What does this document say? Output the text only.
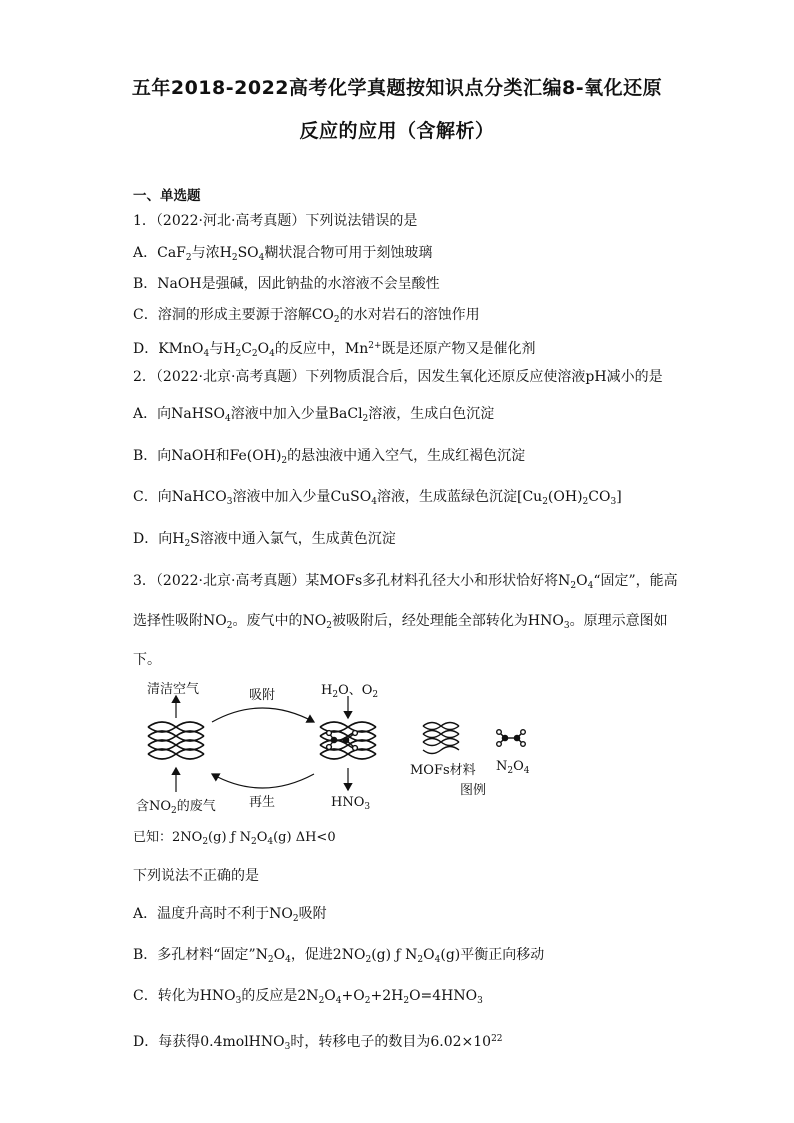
五年2018-2022高考化学真题按知识点分类汇编8-氧化还原
反应的应用（含解析）
一、单选题
1．（2022·河北·高考真题）下列说法错误的是
A．CaF$_2$与浓$H_2SO_4$糊状混合物可用于刻蚀玻璃
B．NaOH是强碱，因此钠盐的水溶液不会呈酸性
C．溶洞的形成主要源于溶解$CO_2$的水对岩石的溶蚀作用
D．KMnO$_4$与$H_2C_2O_4$的反应中，$Mn^{2+}$既是还原产物又是催化剂
2．（2022·北京·高考真题）下列物质混合后，因发生氧化还原反应使溶液pH减小的是
A．向NaHSO$_4$溶液中加入少量BaCl$_2$溶液，生成白色沉淀
B．向NaOH和$Fe(OH)_2$的悬浊液中通入空气，生成红褐色沉淀
C．向NaHCO$_3$溶液中加入少量CuSO$_4$溶液，生成蓝绿色沉淀$[Cu_2(OH)_2CO_3]$
D．向$H_2S$溶液中通入氯气，生成黄色沉淀
3．（2022·北京·高考真题）某MOFs多孔材料孔径大小和形状恰好将$N_2O_4“$固定”，能高
选择性吸附$NO_2$。废气中的$NO_2$被吸附后，经处理能全部转化为$HNO_3$。原理示意图如
下。
清洁空气	吸附	$H_2O$、$O_2$
含$NO_2$的废气	再生	$HNO_3$
MOFs材料 $N_2O_4$
图例
已知：$2NO_2(g)$ ƒ $N_2O_4(g)$ ΔH<0
下列说法不正确的是
A．温度升高时不利于$NO_2$吸附
B．多孔材料“固定$”N_2O_4$，促进$2NO_2(g)$ ƒ $N_2O_4(g)$平衡正向移动
C．转化为$HNO_3$的反应是$2N_2O_4+O_2+2H_2O=4HNO_3$
D．每获得0.4molHNO$_3$时，转移电子的数目为$6.02\times 10^{22}$
